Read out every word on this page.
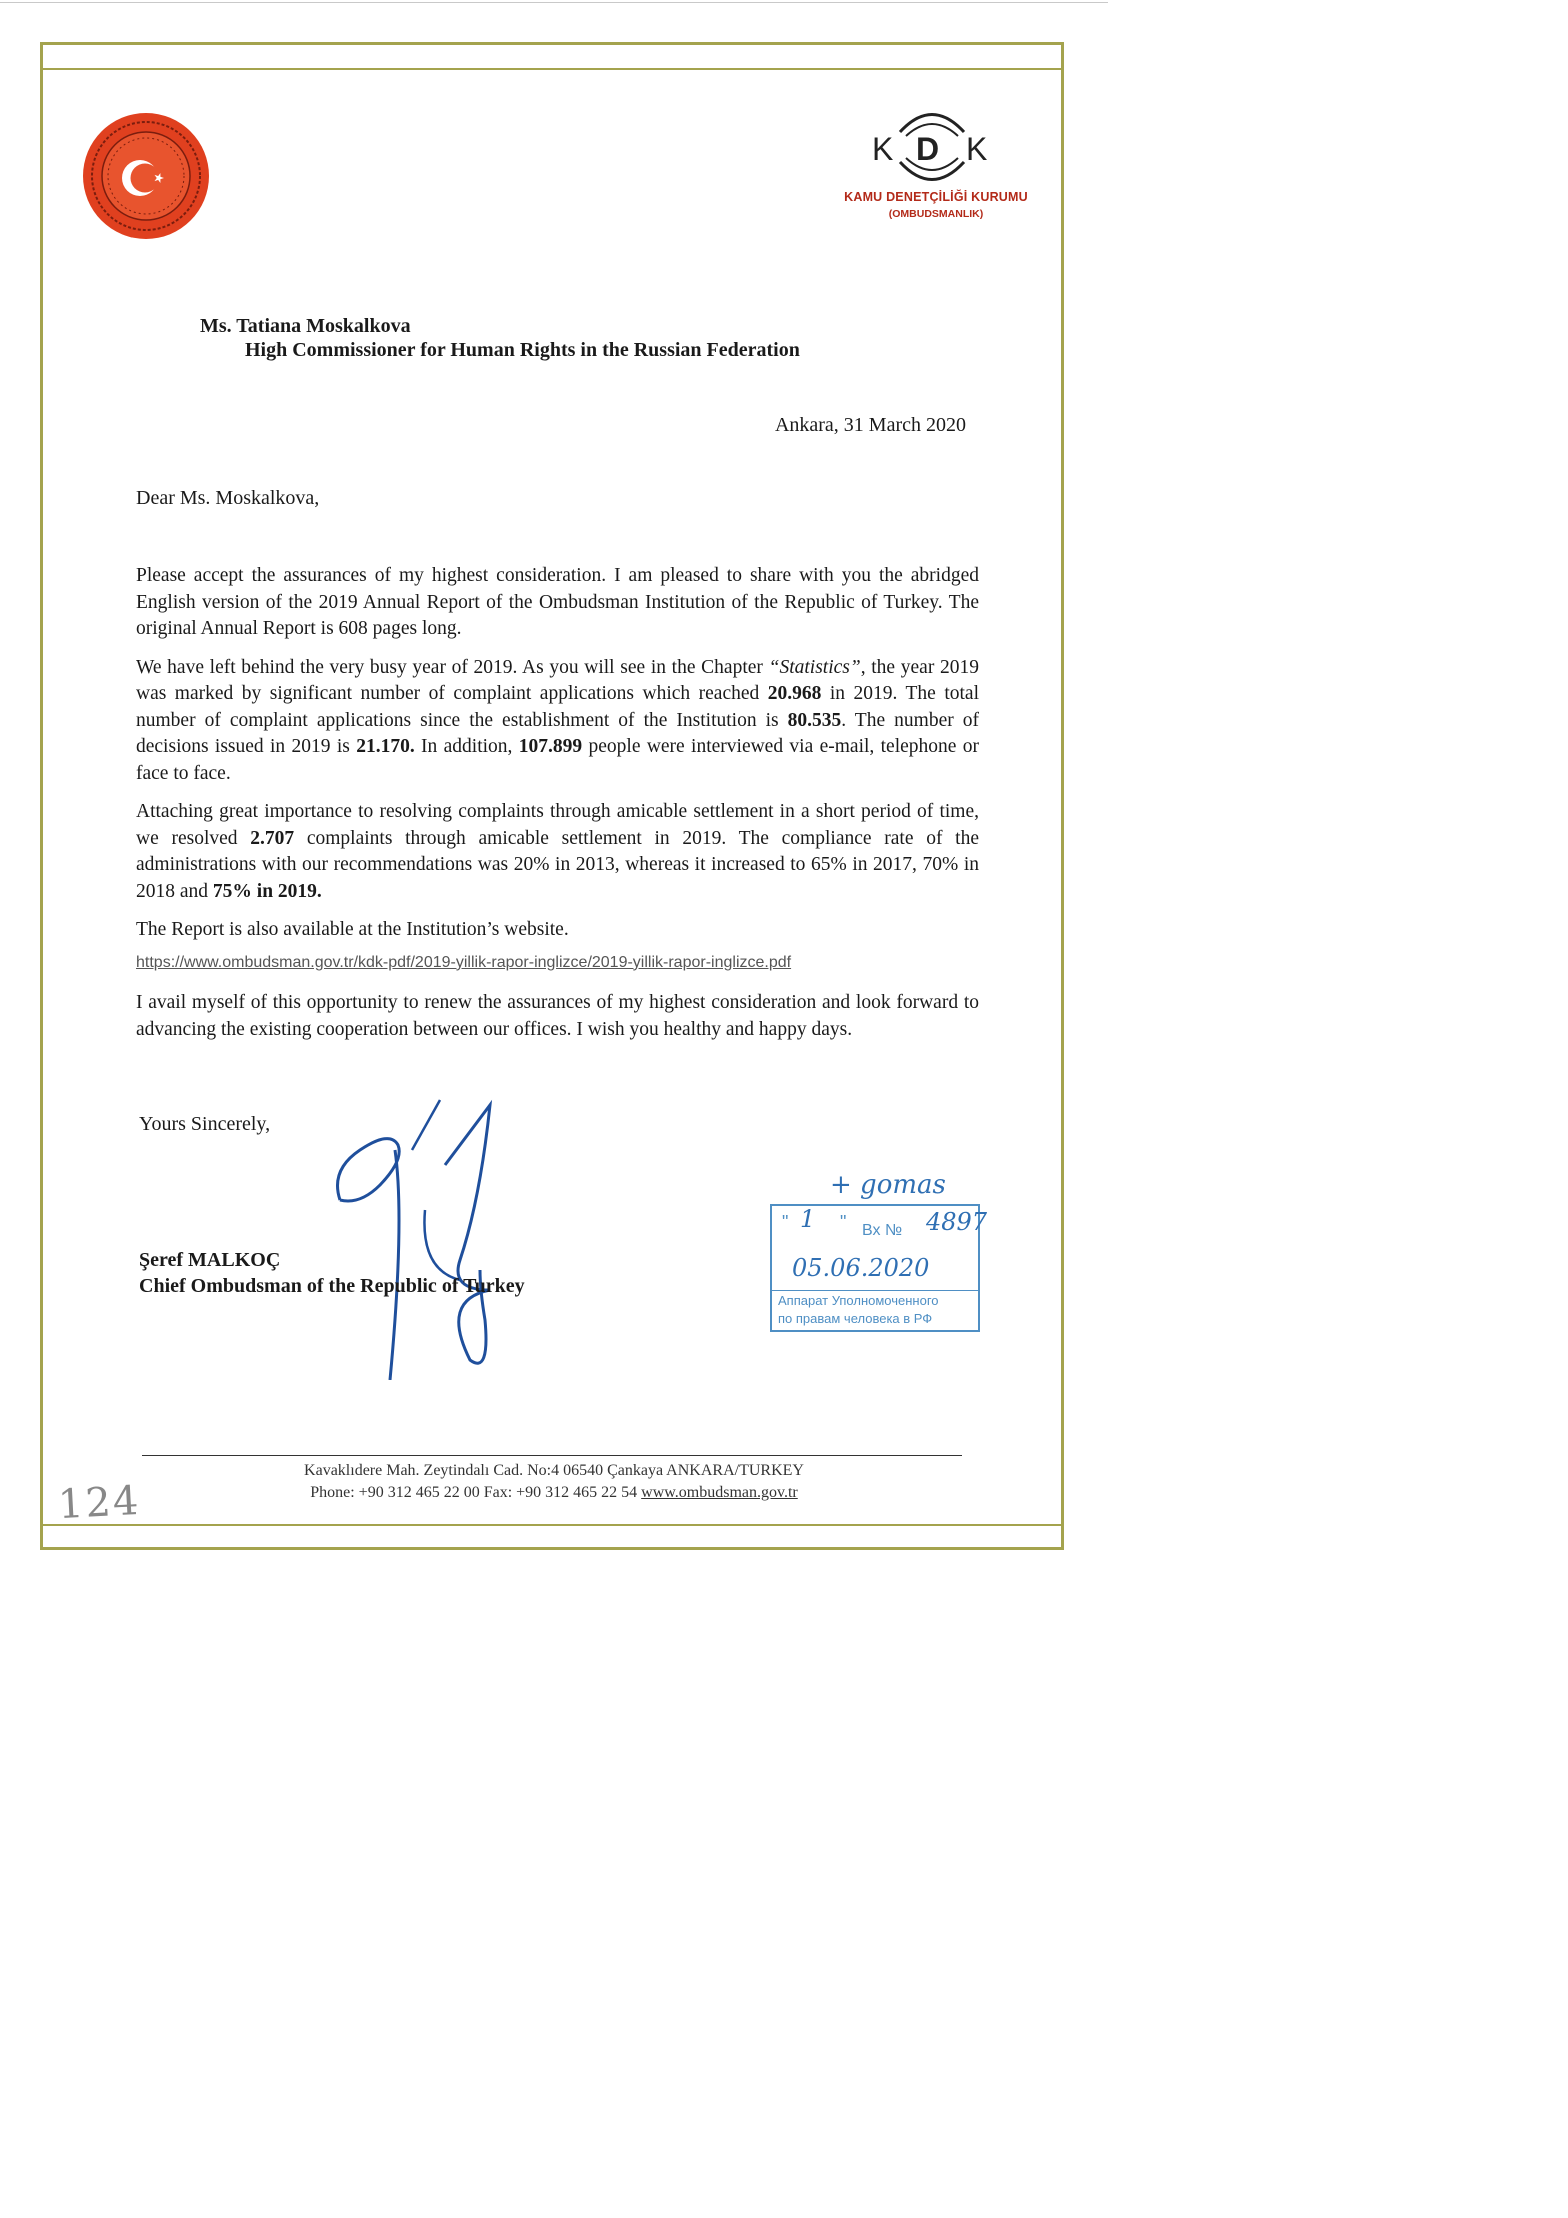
K D K
KAMU DENETÇİLİĞİ KURUMU
(OMBUDSMANLIK)
Ms. Tatiana Moskalkova
High Commissioner for Human Rights in the Russian Federation
Ankara, 31 March 2020
Dear Ms. Moskalkova,

Please accept the assurances of my highest consideration. I am pleased to share with you the abridged English version of the 2019 Annual Report of the Ombudsman Institution of the Republic of Turkey. The original Annual Report is 608 pages long.

We have left behind the very busy year of 2019. As you will see in the Chapter “Statistics”, the year 2019 was marked by significant number of complaint applications which reached 20.968 in 2019. The total number of complaint applications since the establishment of the Institution is 80.535. The number of decisions issued in 2019 is 21.170. In addition, 107.899 people were interviewed via e-mail, telephone or face to face.

Attaching great importance to resolving complaints through amicable settlement in a short period of time, we resolved 2.707 complaints through amicable settlement in 2019. The compliance rate of the administrations with our recommendations was 20% in 2013, whereas it increased to 65% in 2017, 70% in 2018 and 75% in 2019.

The Report is also available at the Institution’s website.

https://www.ombudsman.gov.tr/kdk-pdf/2019-yillik-rapor-inglizce/2019-yillik-rapor-inglizce.pdf

I avail myself of this opportunity to renew the assurances of my highest consideration and look forward to advancing the existing cooperation between our offices. I wish you healthy and happy days.

Yours Sincerely,
Şeref MALKOÇ
Chief Ombudsman of the Republic of Turkey
+ gomas
" 1 " Вх № 4897
05.06.2020
Аппарат Уполномоченного
по правам человека в РФ
Kavaklıdere Mah. Zeytindalı Cad. No:4 06540 Çankaya ANKARA/TURKEY
Phone: +90 312 465 22 00 Fax: +90 312 465 22 54 www.ombudsman.gov.tr
124
